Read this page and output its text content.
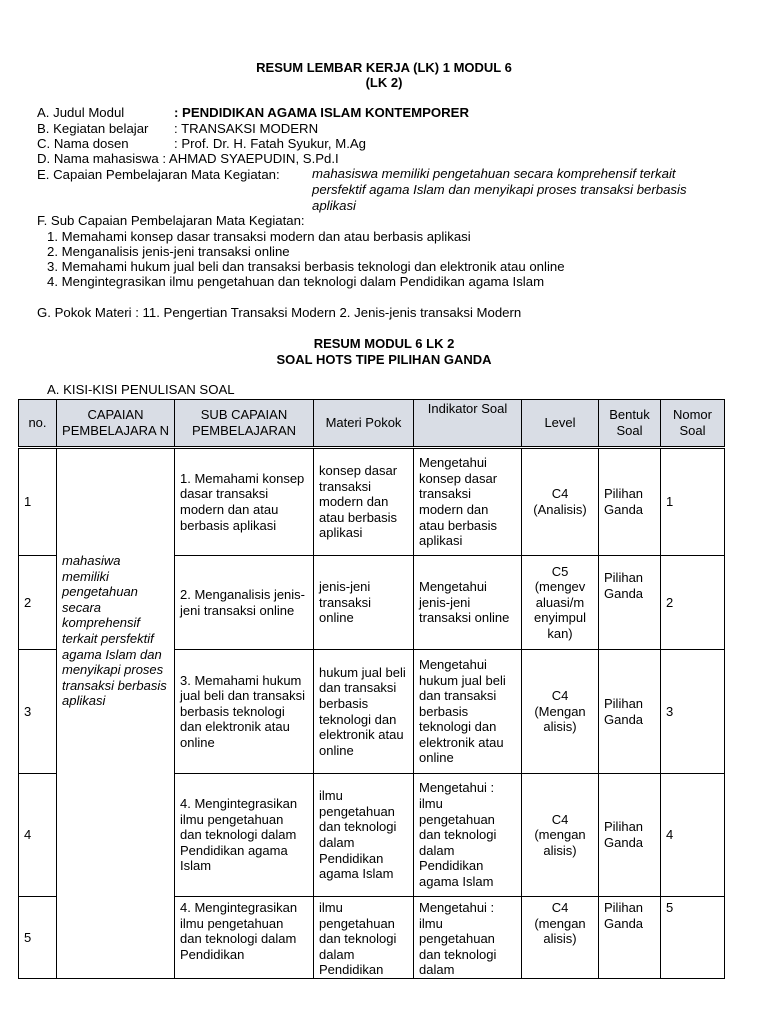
RESUM LEMBAR KERJA (LK) 1 MODUL 6
(LK 2)
A. Judul Modul	: PENDIDIKAN AGAMA ISLAM KONTEMPORER
B. Kegiatan belajar : TRANSAKSI MODERN
C. Nama dosen	: Prof. Dr. H. Fatah Syukur, M.Ag
D. Nama mahasiswa : AHMAD SYAEPUDIN, S.Pd.I
E. Capaian Pembelajaran Mata Kegiatan: mahasiswa memiliki pengetahuan secara komprehensif terkait persfektif agama Islam dan menyikapi proses transaksi berbasis aplikasi
F. Sub Capaian Pembelajaran Mata Kegiatan:
1. Memahami konsep dasar transaksi modern dan atau berbasis aplikasi
2. Menganalisis jenis-jeni transaksi online
3. Memahami hukum jual beli dan transaksi berbasis teknologi dan elektronik atau online
4. Mengintegrasikan ilmu pengetahuan dan teknologi dalam Pendidikan agama Islam
G. Pokok Materi : 11. Pengertian Transaksi Modern 2. Jenis-jenis transaksi Modern
RESUM MODUL 6 LK 2
SOAL HOTS TIPE PILIHAN GANDA
A. KISI-KISI PENULISAN SOAL
no.	CAPAIAN PEMBELAJARA N	SUB CAPAIAN PEMBELAJARAN	Materi Pokok	Indikator Soal	Level	Bentuk Soal	Nomor Soal
1	mahasiwa memiliki pengetahuan secara komprehensif terkait persfektif agama Islam dan menyikapi proses transaksi berbasis aplikasi	1. Memahami konsep dasar transaksi modern dan atau berbasis aplikasi	konsep dasar transaksi modern dan atau berbasis aplikasi	Mengetahui konsep dasar transaksi modern dan atau berbasis aplikasi	C4 (Analisis)	Pilihan Ganda	1
2		2. Menganalisis jenis-jeni transaksi online	jenis-jeni transaksi online	Mengetahui jenis-jeni transaksi online	C5 (mengev aluasi/m enyimpul kan)	Pilihan Ganda	2
3		3. Memahami hukum jual beli dan transaksi berbasis teknologi dan elektronik atau online	hukum jual beli dan transaksi berbasis teknologi dan elektronik atau online	Mengetahui hukum jual beli dan transaksi berbasis teknologi dan elektronik atau online	C4 (Mengan alisis)	Pilihan Ganda	3
4		4. Mengintegrasikan ilmu pengetahuan dan teknologi dalam Pendidikan agama Islam	ilmu pengetahuan dan teknologi dalam Pendidikan agama Islam	Mengetahui : ilmu pengetahuan dan teknologi dalam Pendidikan agama Islam	C4 (mengan alisis)	Pilihan Ganda	4
5		4. Mengintegrasikan ilmu pengetahuan dan teknologi dalam Pendidikan	ilmu pengetahuan dan teknologi dalam Pendidikan	Mengetahui : ilmu pengetahuan dan teknologi dalam	C4 (mengan alisis)	Pilihan Ganda	5
